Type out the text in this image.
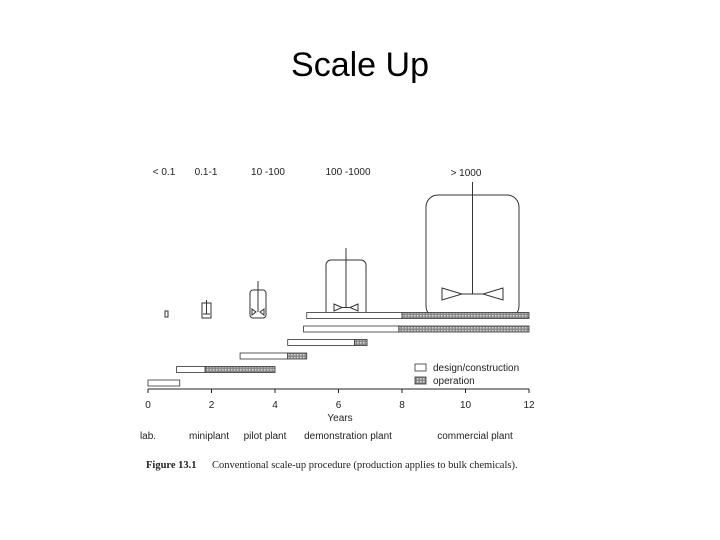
Scale Up
< 0.1 0.1-1	10 -100	100 -1000	> 1000
design/construction
operation
0	2	4	6	8	10	12
Years
lab.	miniplant pilot plant demonstration plant	commercial plant
Figure 13.1 Conventional scale-up procedure (production applies to bulk chemicals).
